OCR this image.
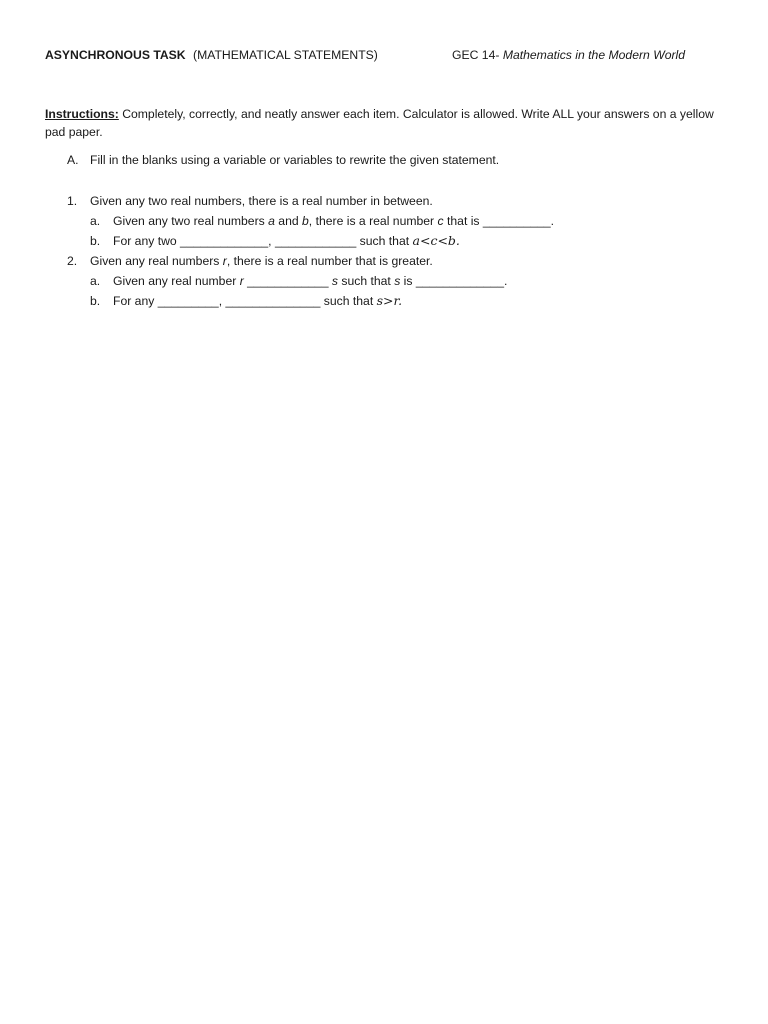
ASYNCHRONOUS TASK (MATHEMATICAL STATEMENTS)	GEC 14- Mathematics in the Modern World
Instructions: Completely, correctly, and neatly answer each item. Calculator is allowed. Write ALL your answers on a yellow pad paper.
A. Fill in the blanks using a variable or variables to rewrite the given statement.
1. Given any two real numbers, there is a real number in between.
a. Given any two real numbers a and b, there is a real number c that is __________.
b. For any two _____________, ____________ such that a<c<b.
2. Given any real numbers r, there is a real number that is greater.
a. Given any real number r ____________ s such that s is _____________.
b. For any _________, ______________ such that s>r.
